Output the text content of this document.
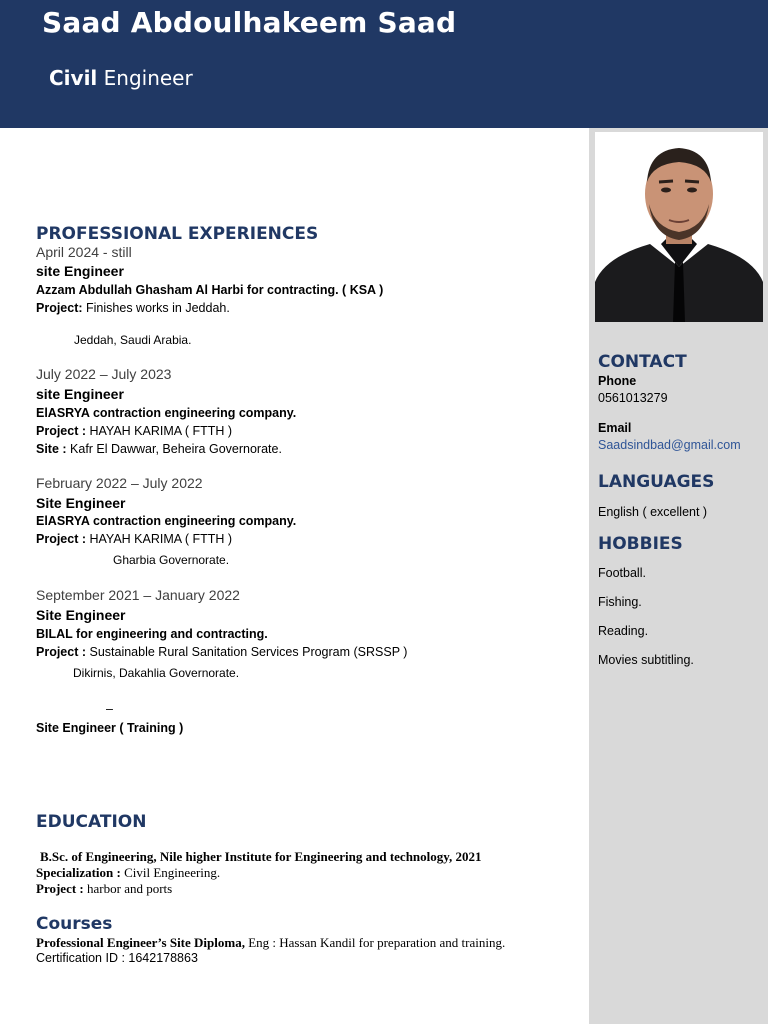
Saad Abdoulhakeem Saad
Civil Engineer
CONTACT
Phone
0561013279
Email
Saadsindbad@gmail.com
LANGUAGES
English ( excellent )
HOBBIES
Football.
Fishing.
Reading.
Movies subtitling.
PROFESSIONAL EXPERIENCES
April 2024 - still
site Engineer
Azzam Abdullah Ghasham Al Harbi for contracting. ( KSA )
Project: Finishes works in Jeddah.
Jeddah, Saudi Arabia.
July 2022 – July 2023
site Engineer
ElASRYA contraction engineering company.
Project : HAYAH KARIMA ( FTTH )
Site : Kafr El Dawwar, Beheira Governorate.
February 2022 – July 2022
Site Engineer
ElASRYA contraction engineering company.
Project : HAYAH KARIMA ( FTTH )
Gharbia Governorate.
September 2021 – January 2022
Site Engineer
BILAL for engineering and contracting.
Project : Sustainable Rural Sanitation Services Program (SRSSP )
Dikirnis, Dakahlia Governorate.
–
Site Engineer ( Training )
EDUCATION
B.Sc. of Engineering, Nile higher Institute for Engineering and technology, 2021
Specialization : Civil Engineering.
Project : harbor and ports
Courses
Professional Engineer’s Site Diploma, Eng : Hassan Kandil for preparation and training.
Certification ID : 1642178863
